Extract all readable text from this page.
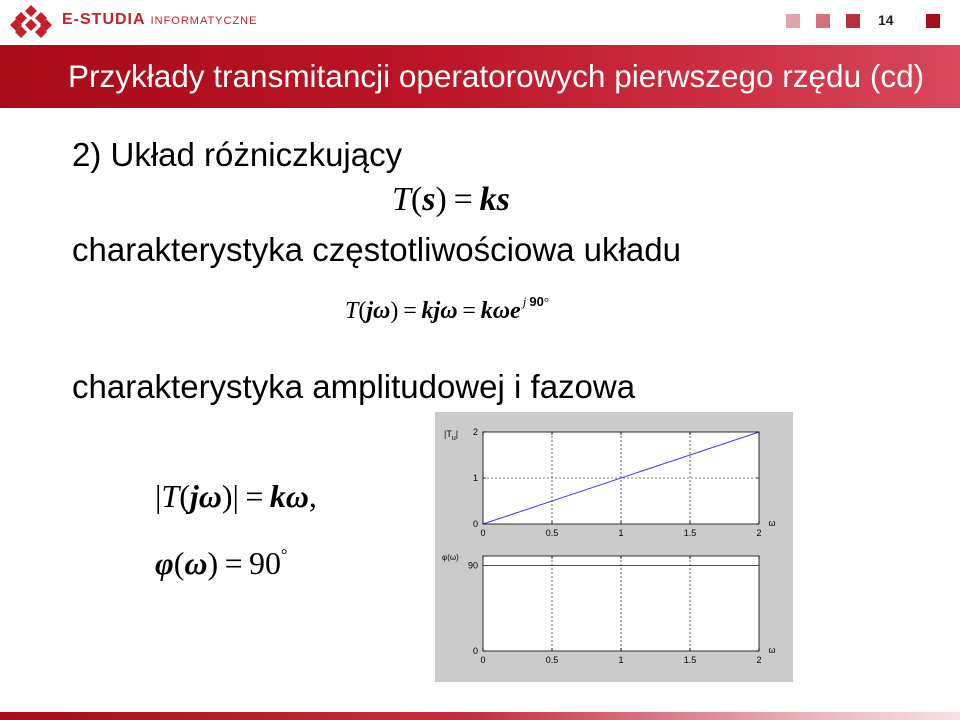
E-STUDIA INFORMATYCZNE	14
Przykłady transmitancji operatorowych pierwszego rzędu (cd)
2) Układ różniczkujący
T(s) = ks
charakterystyka częstotliwościowa układu
T(jω) = kjω = kωe $^{j 90^\circ}$
charakterystyka amplitudowej i fazowa
|T(jω)| = kω,
φ(ω) = 90°
0	0.5	1	1.5	2
0
1
2
ω
$|T_u|$
0	0.5	1	1.5	2
0
90
ω
φ(ω)
